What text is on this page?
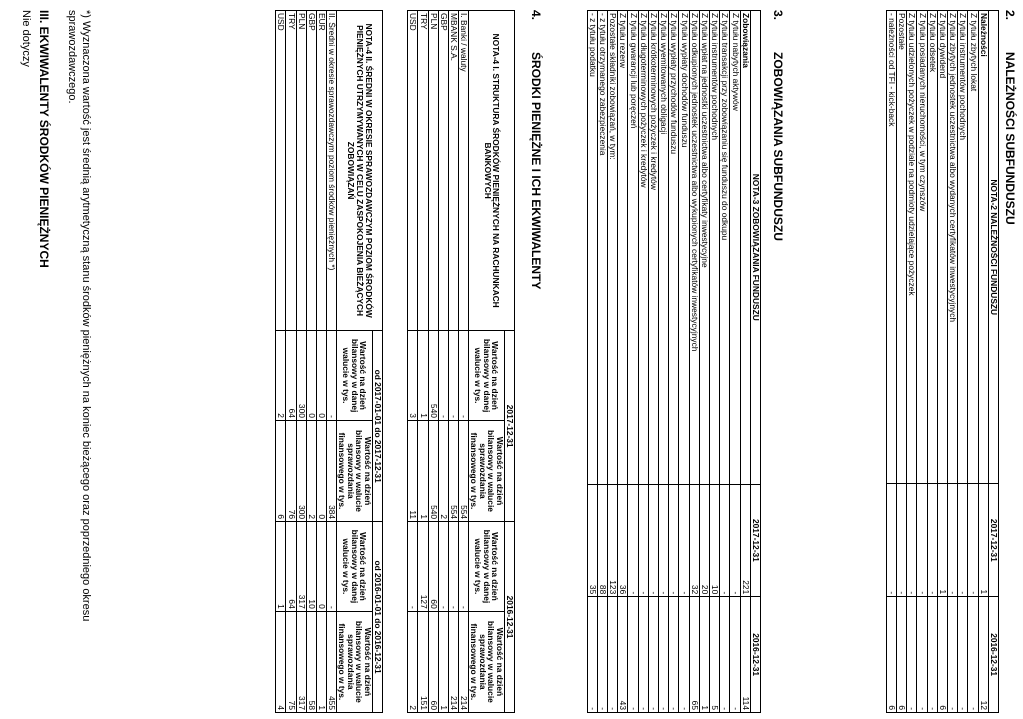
2.
NALEŻNOŚCI SUBFUNDUSZU
NOTA-2 NALEŻNOŚCI FUNDUSZU	2017-12-31	2016-12-31
Należności	1	12
Z tytułu zbytych lokat	-	-
Z tytułu instrumentów pochodnych	-	-
Z tytułu zbytych jednostek uczestnictwa albo wydanych certyfikatów inwestycyjnych	-	-
Z tytułu dywidend	1	6
Z tytułu odsetek	-	-
Z tytułu posiadanych nieruchomości, w tym czynszów	-	-
Z tytułu udzielonych pożyczek w podziale na podmioty udzielające pożyczek	-	-
Pozostałe	-	6
- należności od TFI - kick-back	-	6
3.
ZOBOWIĄZANIA SUBFUNDUSZU
NOTA-3 ZOBOWIĄZANIA FUNDUSZU	2017-12-31	2016-12-31
Zobowiązania	221	114
Z tytułu nabytych aktywów	-	-
Z tytułu transakcji przy zobowiązaniu się funduszu do odkupu	-	-
Z tytułu instrumentów pochodnych	10	5
Z tytułu wpłat na jednostki uczestnictwa albo certyfikaty inwestycyjne	20	1
Z tytułu odkupionych jednostek uczestnictwa albo wykupionych certyfikatów inwestycyjnych	32	65
Z tytułu wypłaty dochodów funduszu	-	-
Z tytułu wypłaty przychodów funduszu	-	-
Z tytułu wyemitowanych obligacji	-	-
Z tytułu krótkoterminowych pożyczek i kredytów	-	-
Z tytułu długoterminowych pożyczek i kredytów	-	-
Z tytułu gwarancji lub poręczeń	-	-
Z tytułu rezerw	36	43
Pozostałe składniki zobowiązań, w tym:	123	-
- z tytułu otrzymanego zabezpieczenia	88	-
- z tytułu podatku	35	-
4.
ŚRODKI PIENIĘŻNE I ICH EKWIWALENTY
NOTA-4 I. STRUKTURA ŚRODKÓW PIENIĘŻNYCH NA RACHUNKACH BANKOWYCH	2017-12-31		2016-12-31	
	Wartość na dzień bilansowy w danej walucie w tys.	Wartość na dzień bilansowy w walucie sprawozdania finansowego w tys.	Wartość na dzień bilansowy w danej walucie w tys.	Wartość na dzień bilansowy w walucie sprawozdania finansowego w tys.
I. Banki / waluty	-	554	-	214
MBANK S.A.	-	554	-	214
GBP	-	2	-	1
PLN	540	540	60	60
TRY	1	1	127	151
USD	3	11	-	2
NOTA-4 II. ŚREDNI W OKRESIE SPRAWOZDAWCZYM POZIOM ŚRODKÓW PIENIĘŻNYCH UTRZYMYWANYCH W CELU ZASPOKOJENIA BIEŻĄCYCH ZOBOWIĄZAŃ	od 2017-01-01 do 2017-12-31		od 2016-01-01 do 2016-12-31	
	Wartość na dzień bilansowy w danej walucie w tys.	Wartość na dzień bilansowy w walucie sprawozdania finansowego w tys.	Wartość na dzień bilansowy w danej walucie w tys.	Wartość na dzień bilansowy w walucie sprawozdania finansowego w tys.
II. Średni w okresie sprawozdawczym poziom środków pieniężnych *)	-	384	-	455
EUR	0	0	0	1
GBP	0	2	10	58
PLN	300	300	317	317
TRY	64	76	64	75
USD	2	6	1	4
*) Wyznaczona wartość jest średnią arytmetyczną stanu środków pieniężnych na koniec bieżącego oraz poprzedniego okresu sprawozdawczego.
III. EKWIWALENTY ŚRODKÓW PIENIĘŻNYCH
Nie dotyczy
